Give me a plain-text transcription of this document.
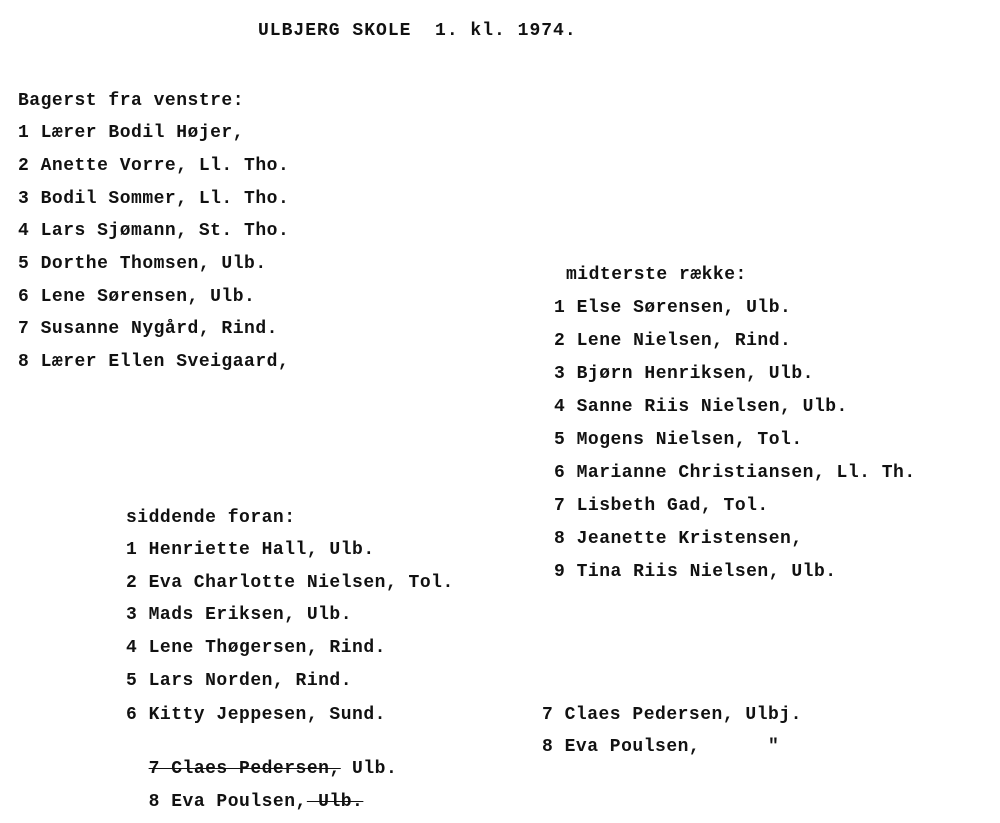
ULBJERG SKOLE  1. kl. 1974.
Bagerst fra venstre:
1 Lærer Bodil Højer,
2 Anette Vorre, Ll. Tho.
3 Bodil Sommer, Ll. Tho.
4 Lars Sjømann, St. Tho.
5 Dorthe Thomsen, Ulb.
6 Lene Sørensen, Ulb.
7 Susanne Nygård, Rind.
8 Lærer Ellen Sveigaard,
midterste række:
1 Else Sørensen, Ulb.
2 Lene Nielsen, Rind.
3 Bjørn Henriksen, Ulb.
4 Sanne Riis Nielsen, Ulb.
5 Mogens Nielsen, Tol.
6 Marianne Christiansen, Ll. Th.
7 Lisbeth Gad, Tol.
8 Jeanette Kristensen,
9 Tina Riis Nielsen, Ulb.
siddende foran:
1 Henriette Hall, Ulb.
2 Eva Charlotte Nielsen, Tol.
3 Mads Eriksen, Ulb.
4 Lene Thøgersen, Rind.
5 Lars Norden, Rind.
6 Kitty Jeppesen, Sund.

7 Claes Pedersen, Ulb.

8 Eva Poulsen, Ulb.

7 Claes Pedersen, Ulbj.
8 Eva Poulsen,      "
